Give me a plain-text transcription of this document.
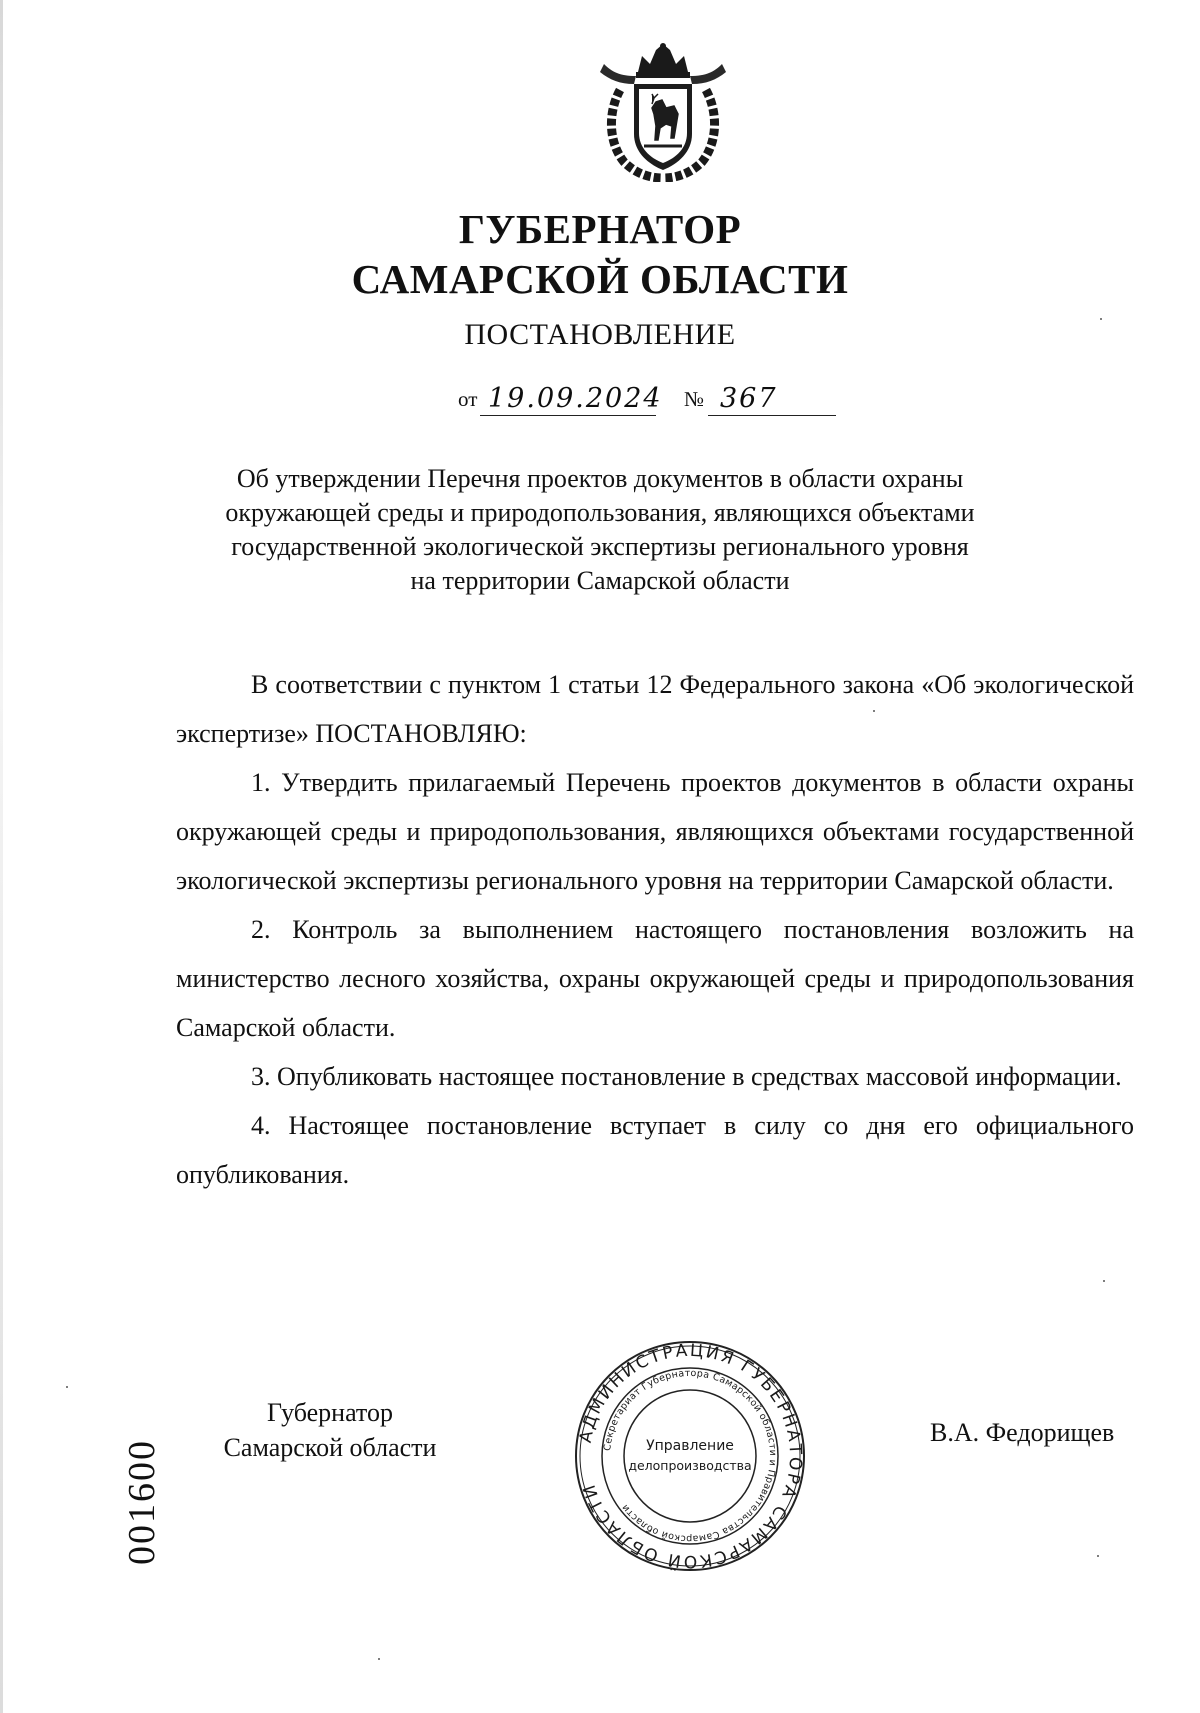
ГУБЕРНАТОР
САМАРСКОЙ ОБЛАСТИ
ПОСТАНОВЛЕНИЕ
от 19.09.2024 № 367
Об утверждении Перечня проектов документов в области охраны
окружающей среды и природопользования, являющихся объектами
государственной экологической экспертизы регионального уровня
на территории Самарской области

В соответствии с пунктом 1 статьи 12 Федерального закона «Об экологической экспертизе» ПОСТАНОВЛЯЮ:

1. Утвердить прилагаемый Перечень проектов документов в области охраны окружающей среды и природопользования, являющихся объектами государственной экологической экспертизы регионального уровня на территории Самарской области.

2. Контроль за выполнением настоящего постановления возложить на министерство лесного хозяйства, охраны окружающей среды и природопользования Самарской области.

3. Опубликовать настоящее постановление в средствах массовой информации.

4. Настоящее постановление вступает в силу со дня его официального опубликования.

Губернатор
Самарской области	АДМИНИСТРАЦИЯ ГУБЕРНАТОРА САМАРСКОЙ ОБЛАСТИ
Секретариат Губернатора Самарской области и Правительства Самарской области
Управление
делопроизводства
В.А. Федорищев
001600
